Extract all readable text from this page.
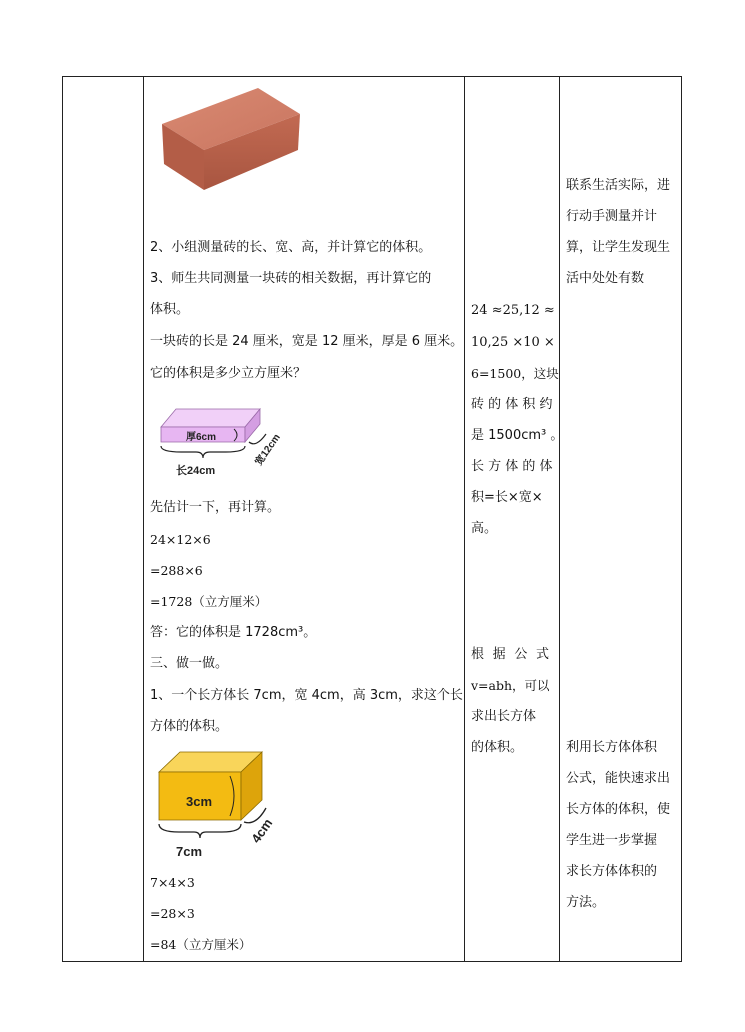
2、小组测量砖的长、宽、高，并计算它的体积。
3、师生共同测量一块砖的相关数据，再计算它的
体积。
一块砖的长是 24 厘米，宽是 12 厘米，厚是 6 厘米。
它的体积是多少立方厘米？
厚6cm
长24cm
宽12cm
先估计一下，再计算。
24×12×6
=288×6
=1728（立方厘米）
答：它的体积是 1728cm³。
三、做一做。
1、一个长方体长 7cm，宽 4cm，高 3cm，求这个长
方体的体积。
3cm
7cm
4cm
7×4×3
=28×3
=84（立方厘米）
24 ≈25,12 ≈
10,25 ×10 ×
6=1500，这块
砖 的 体 积 约
是 1500cm³ 。
长 方 体 的 体
积=长×宽×
高。
根 据 公 式
v=abh，可以
求出长方体
的体积。
联系生活实际，进
行动手测量并计
算，让学生发现生
活中处处有数
利用长方体体积
公式，能快速求出
长方体的体积，使
学生进一步掌握
求长方体体积的
方法。
